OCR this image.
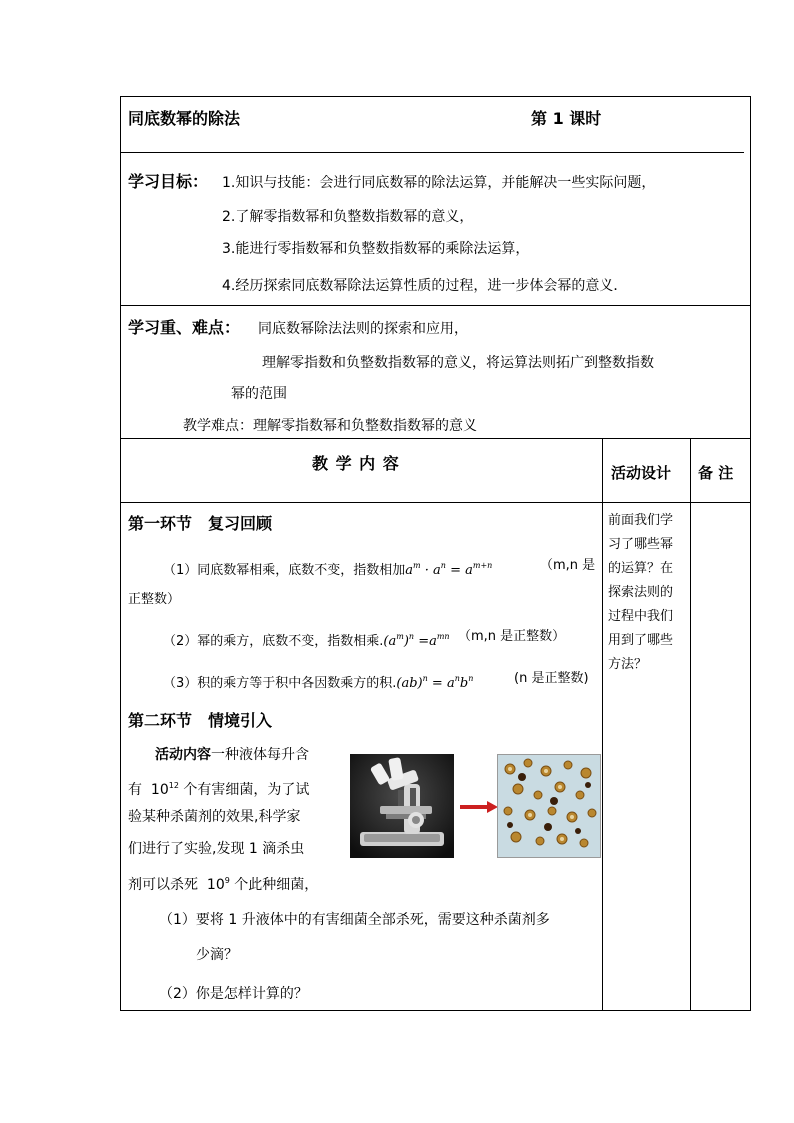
同底数幂的除法	第 1 课时
学习目标： 1.知识与技能：会进行同底数幂的除法运算，并能解决一些实际问题，
2.了解零指数幂和负整数指数幂的意义，
3.能进行零指数幂和负整数指数幂的乘除法运算，
4.经历探索同底数幂除法运算性质的过程，进一步体会幂的意义．
学习重、难点： 同底数幂除法法则的探索和应用，
理解零指数和负整数指数幂的意义，将运算法则拓广到整数指数
幂的范围
教学难点：理解零指数幂和负整数指数幂的意义
教 学 内 容	活动设计 备 注
第一环节　复习回顾
（1）同底数幂相乘，底数不变，指数相加$a^m \cdot a^n = a^{m+n}$	（m,n 是
正整数）
（2）幂的乘方，底数不变，指数相乘$.(a^m)^n =a^{mn}$ （m,n 是正整数）
（3）积的乘方等于积中各因数乘方的积$.(ab)^n = a^nb^n$	(n 是正整数)
第二环节　情境引入
活动内容一种液体每升含
有 $10^{12}$ 个有害细菌，为了试
验某种杀菌剂的效果,科学家
们进行了实验,发现 1 滴杀虫
剂可以杀死 $10^9$ 个此种细菌，
（1）要将 1 升液体中的有害细菌全部杀死，需要这种杀菌剂多
少滴？
（2）你是怎样计算的？
前面我们学
习了哪些幂
的运算？在
探索法则的
过程中我们
用到了哪些
方法？
